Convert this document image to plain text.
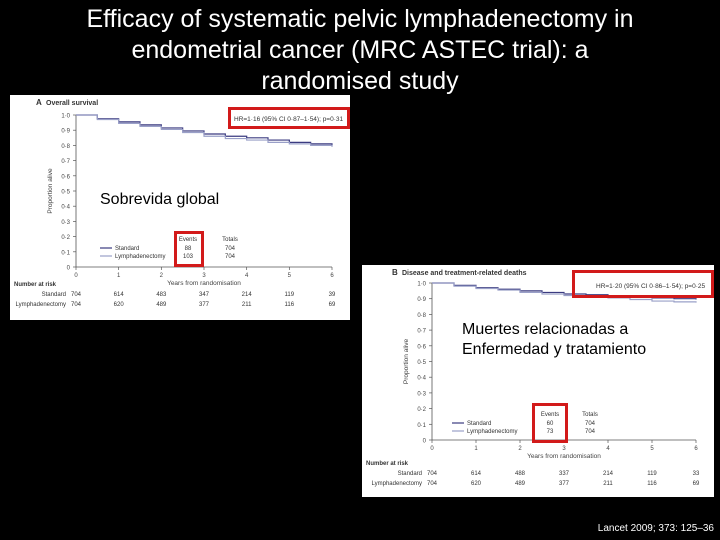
Efficacy of systematic pelvic lymphadenectomy in
endometrial cancer (MRC ASTEC trial): a
randomised study
A Overall survival
HR=1·16 (95% CI 0·87–1·54); p=0·31
0
0·1
0·2
0·3
0·4
0·5
0·6
0·7
0·8
0·9
1·0
0	1	2	3	4	5	6
Years from randomisation
Proportion alive
Events	Totals
Standard	88	704
Lymphadenectomy	103	704
Number at risk
Standard 704	614	483	347	214	119	39
Lymphadenectomy 704	620	489	377	211	116	69
Sobrevida global
B Disease and treatment-related deaths
HR=1·20 (95% CI 0·86–1·54); p=0·25
0
0·1
0·2
0·3
0·4
0·5
0·6
0·7
0·8
0·9
1·0
0	1	2	3	4	5	6
Years from randomisation
Proportion alive
Events	Totals
Standard	60	704
Lymphadenectomy	73	704
Number at risk
Standard 704	614	488	337	214	119	33
Lymphadenectomy 704	620	489	377	211	116	69
Muertes relacionadas a
Enfermedad y tratamiento
Lancet 2009; 373: 125–36
